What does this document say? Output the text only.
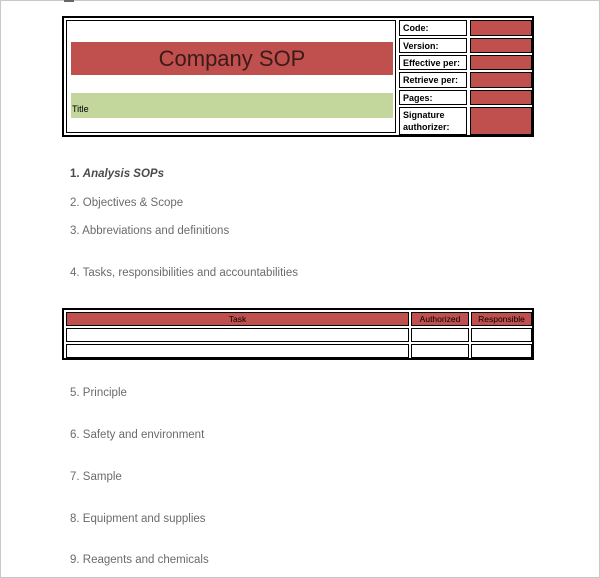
Company SOP
Title
Code:
Version:
Effective per:
Retrieve per:
Pages:
Signature authorizer:
1. Analysis SOPs
2. Objectives & Scope
3. Abbreviations and definitions
4. Tasks, responsibilities and accountabilities
Task	Authorized	Responsible
5. Principle
6. Safety and environment
7. Sample
8. Equipment and supplies
9. Reagents and chemicals
